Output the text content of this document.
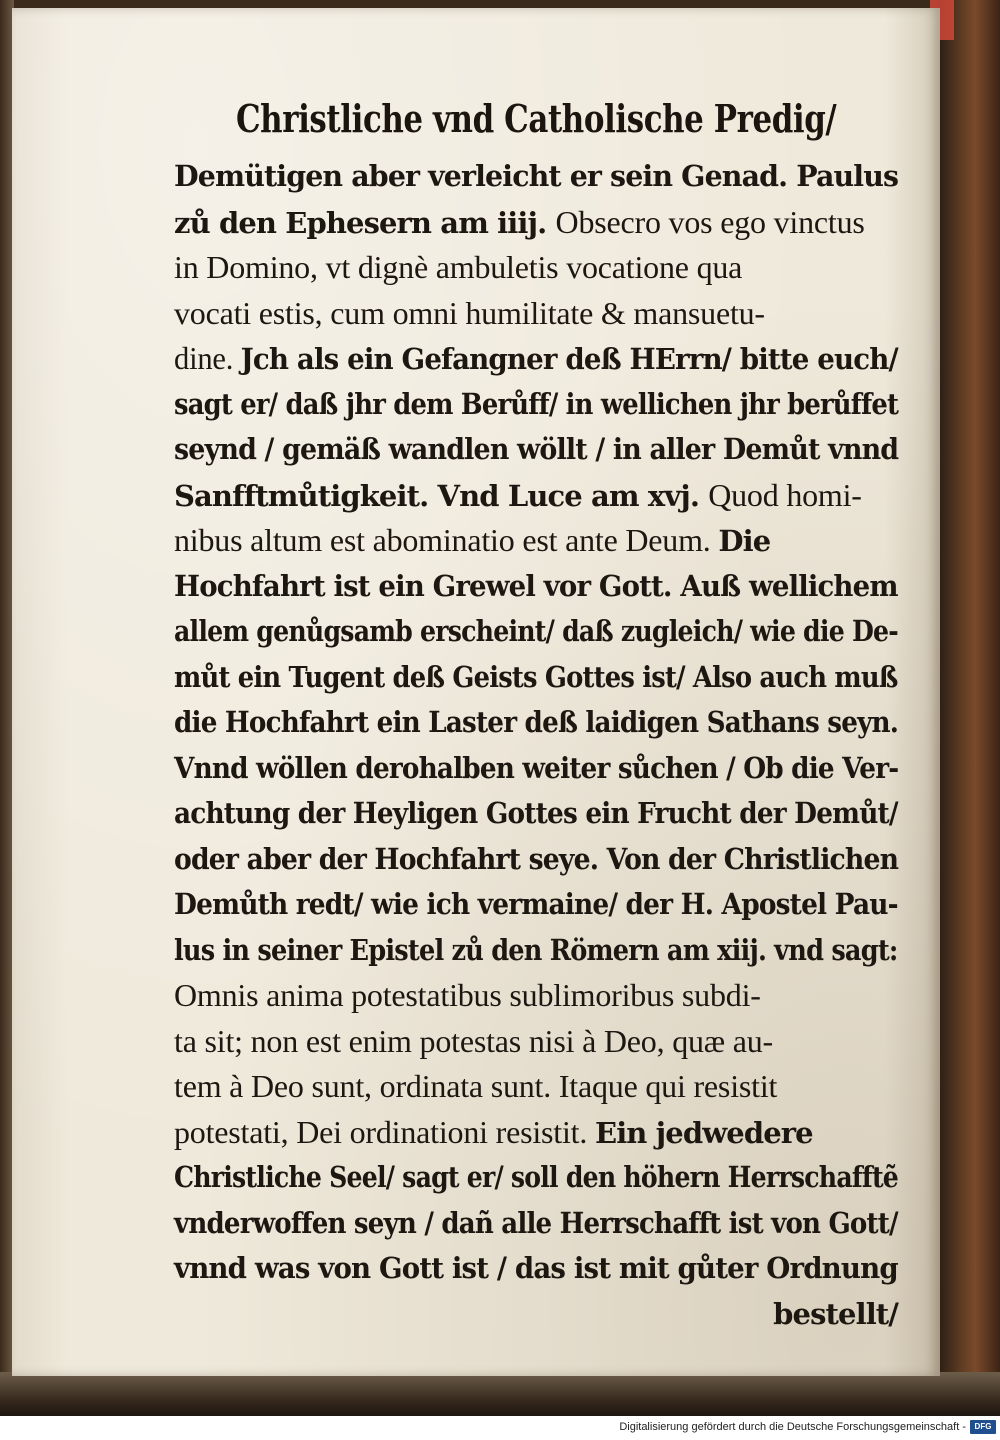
Christliche vnd Catholische Predig/
Demütigen aber verleicht er sein Genad. Paulus
zů den Ephesern am iiij. Obsecro vos ego vinctus
in Domino, vt dignè ambuletis vocatione qua
vocati estis, cum omni humilitate & mansuetu-
dine. Jch als ein Gefangner deß HErrn/ bitte euch/
sagt er/ daß jhr dem Berůff/ in wellichen jhr berůffet
seynd / gemäß wandlen wöllt / in aller Demůt vnnd
Sanfftmůtigkeit. Vnd Luce am xvj. Quod homi-
nibus altum est abominatio est ante Deum. Die
Hochfahrt ist ein Grewel vor Gott. Auß wellichem
allem genůgsamb erscheint/ daß zugleich/ wie die De-
můt ein Tugent deß Geists Gottes ist/ Also auch muß
die Hochfahrt ein Laster deß laidigen Sathans seyn.
Vnnd wöllen derohalben weiter sůchen / Ob die Ver-
achtung der Heyligen Gottes ein Frucht der Demůt/
oder aber der Hochfahrt seye. Von der Christlichen
Demůth redt/ wie ich vermaine/ der H. Apostel Pau-
lus in seiner Epistel zů den Römern am xiij. vnd sagt:
Omnis anima potestatibus sublimoribus subdi-
ta sit; non est enim potestas nisi à Deo, quæ au-
tem à Deo sunt, ordinata sunt. Itaque qui resistit
potestati, Dei ordinationi resistit. Ein jedwedere
Christliche Seel/ sagt er/ soll den höhern Herrschafftẽ
vnderwoffen seyn / dañ alle Herrschafft ist von Gott/
vnnd was von Gott ist / das ist mit gůter Ordnung
bestellt/
Digitalisierung gefördert durch die Deutsche Forschungsgemeinschaft -	DFG
